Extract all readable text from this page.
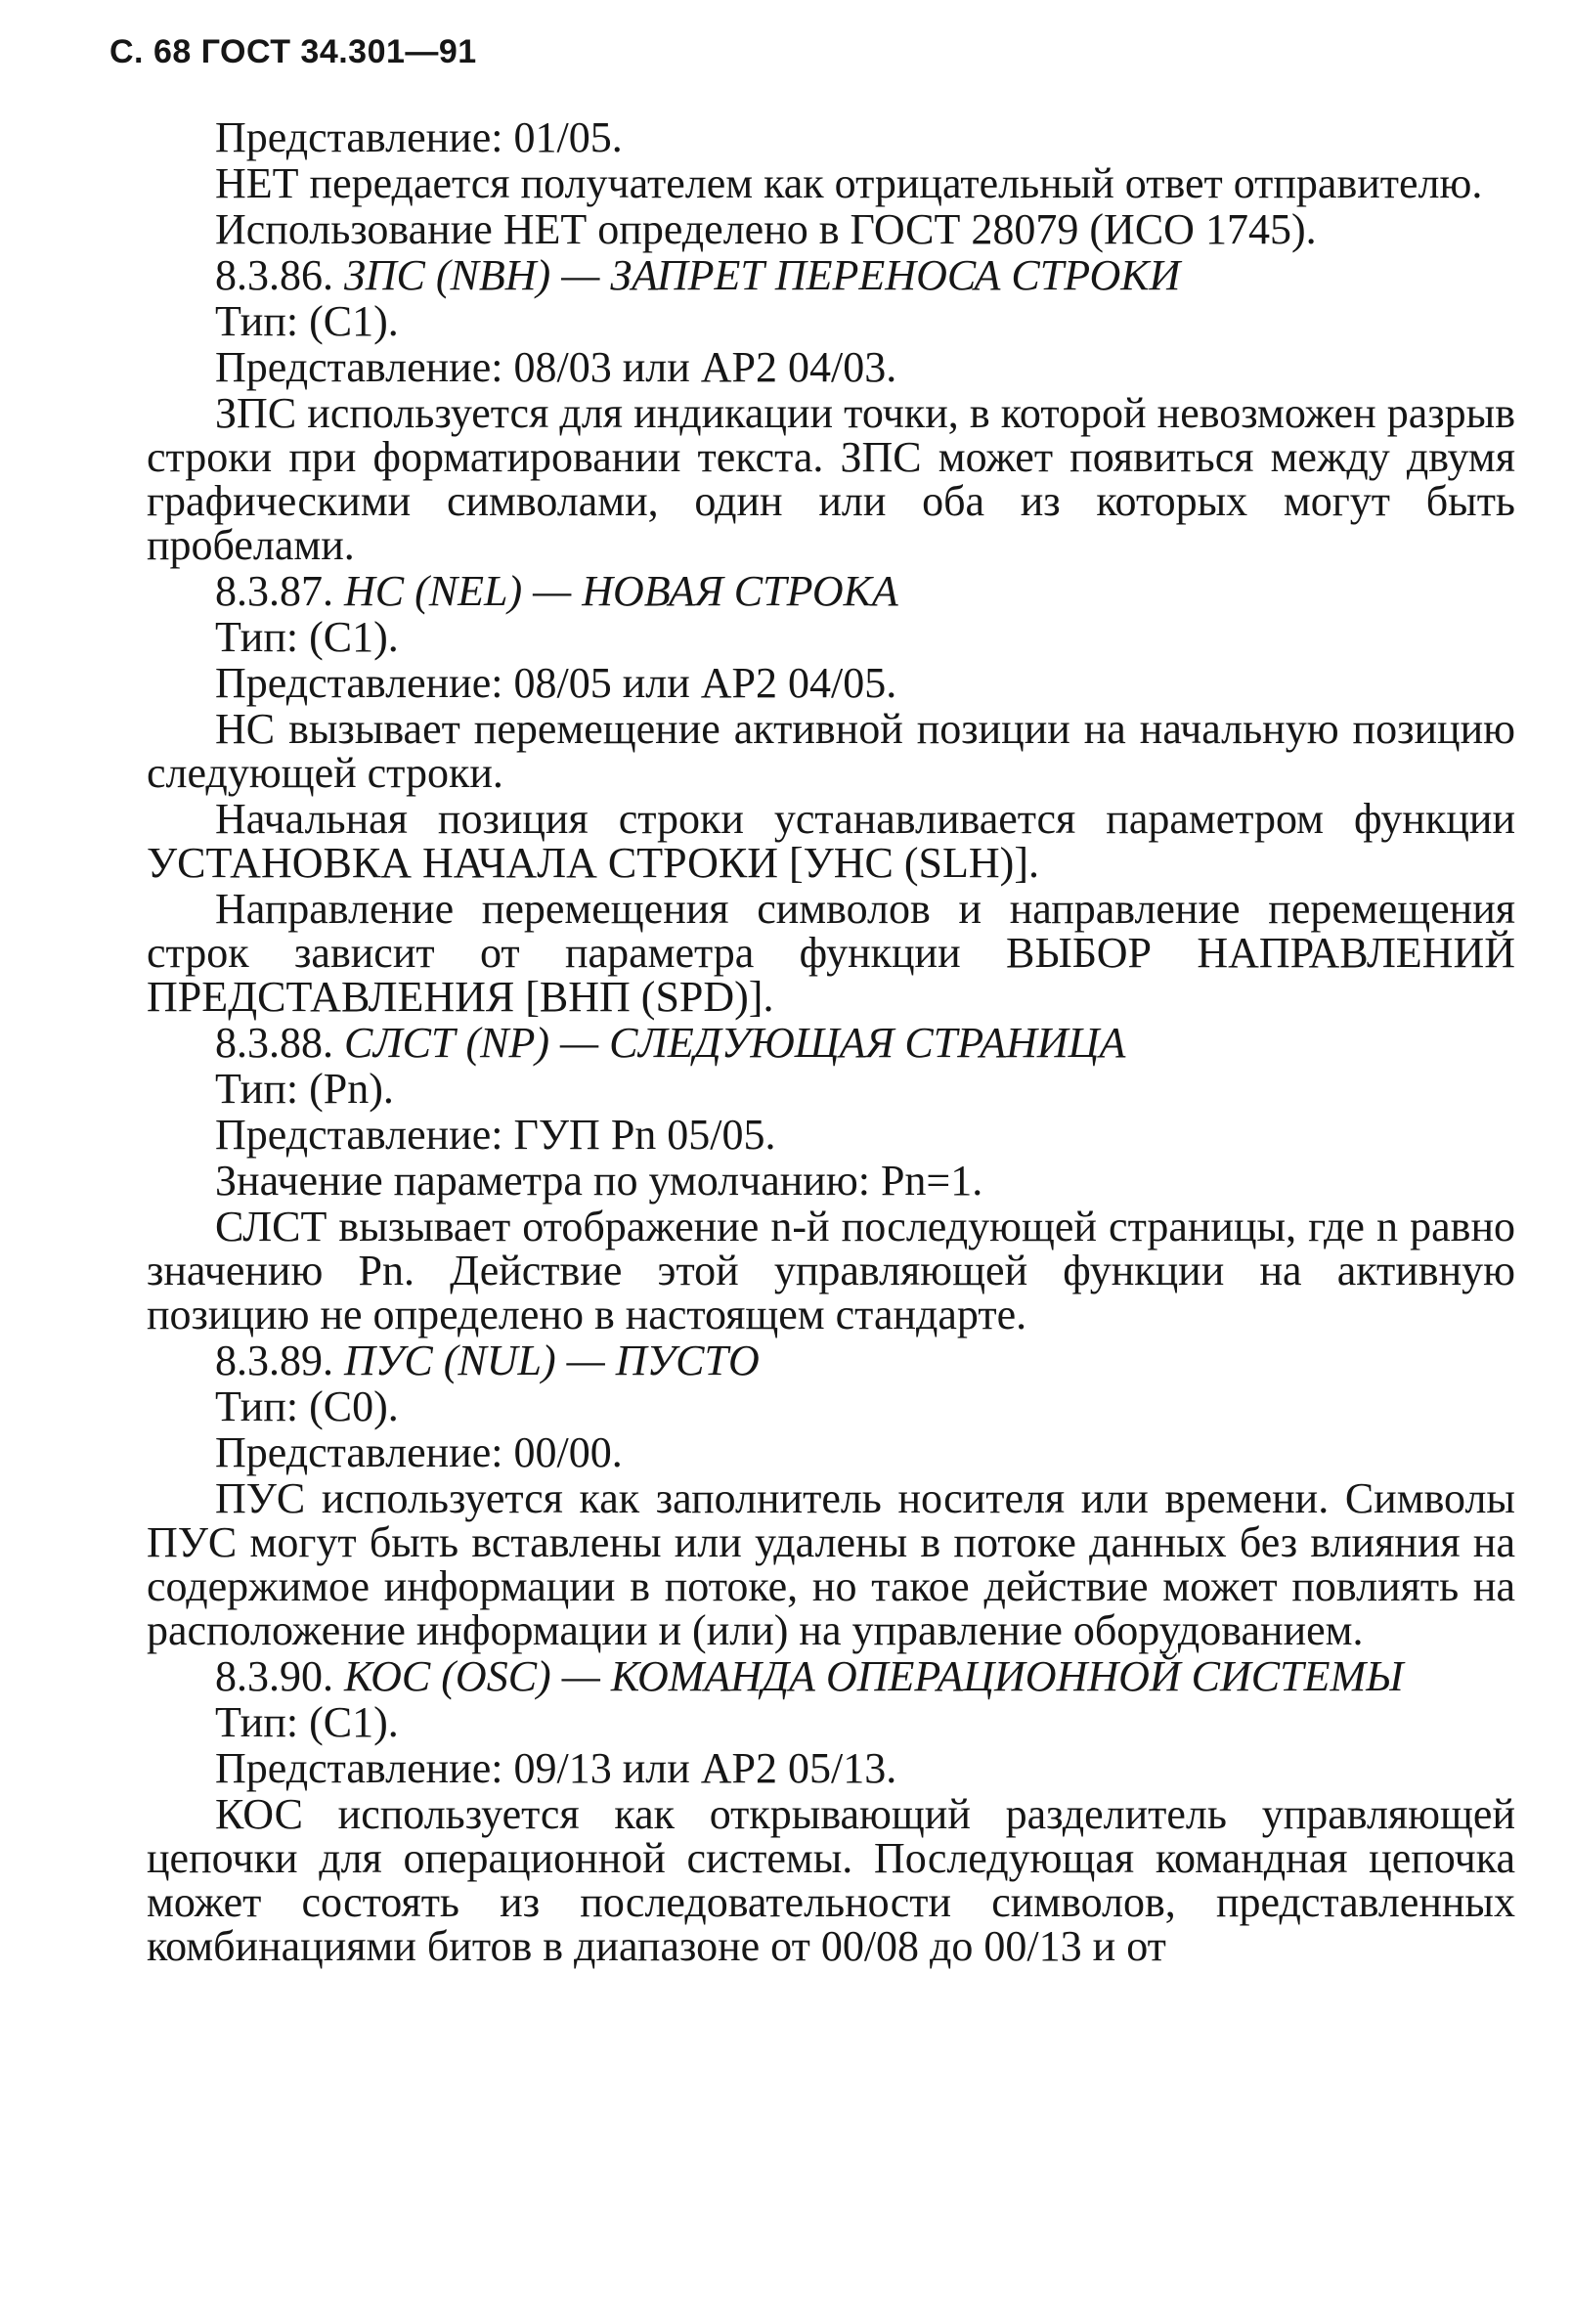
С. 68 ГОСТ 34.301—91

Представление: 01/05.

НЕТ передается получателем как отрицательный ответ отправителю.

Использование НЕТ определено в ГОСТ 28079 (ИСО 1745).

8.3.86. ЗПС (NBH) — ЗАПРЕТ ПЕРЕНОСА СТРОКИ

Тип: (С1).

Представление: 08/03 или АР2 04/03.

ЗПС используется для индикации точки, в которой невозможен разрыв строки при форматировании текста. ЗПС может появиться между двумя графическими символами, один или оба из которых могут быть пробелами.

8.3.87. НС (NEL) — НОВАЯ СТРОКА

Тип: (С1).

Представление: 08/05 или АР2 04/05.

НС вызывает перемещение активной позиции на начальную позицию следующей строки.

Начальная позиция строки устанавливается параметром функции УСТАНОВКА НАЧАЛА СТРОКИ [УНС (SLH)].

Направление перемещения символов и направление перемещения строк зависит от параметра функции ВЫБОР НАПРАВЛЕНИЙ ПРЕДСТАВЛЕНИЯ [ВНП (SPD)].

8.3.88. СЛСТ (NP) — СЛЕДУЮЩАЯ СТРАНИЦА

Тип: (Pn).

Представление: ГУП Pn 05/05.

Значение параметра по умолчанию: Pn=1.

СЛСТ вызывает отображение n-й последующей страницы, где n равно значению Pn. Действие этой управляющей функции на активную позицию не определено в настоящем стандарте.

8.3.89. ПУС (NUL) — ПУСТО

Тип: (С0).

Представление: 00/00.

ПУС используется как заполнитель носителя или времени. Символы ПУС могут быть вставлены или удалены в потоке данных без влияния на содержимое информации в потоке, но такое действие может повлиять на расположение информации и (или) на управление оборудованием.

8.3.90. КОС (OSC) — КОМАНДА ОПЕРАЦИОННОЙ СИСТЕМЫ

Тип: (С1).

Представление: 09/13 или АР2 05/13.

КОС используется как открывающий разделитель управляющей цепочки для операционной системы. Последующая командная цепочка может состоять из последовательности символов, представленных комбинациями битов в диапазоне от 00/08 до 00/13 и от
